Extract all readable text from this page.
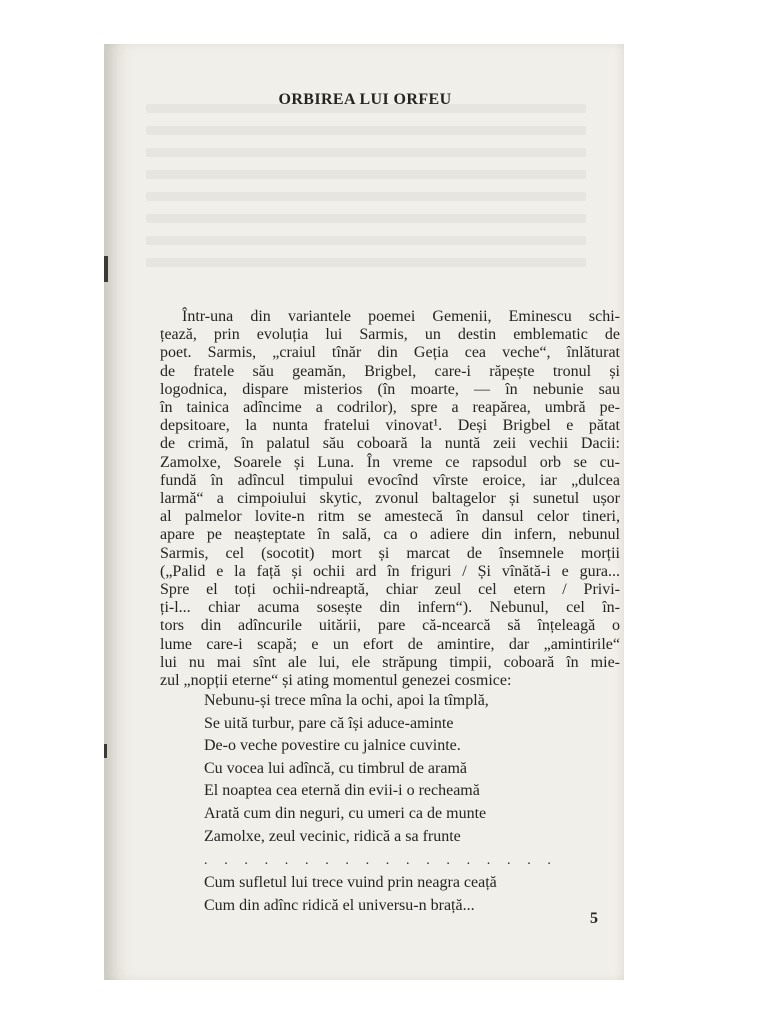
ORBIREA LUI ORFEU

Într-una din variantele poemei Gemenii, Eminescu schi-
țează, prin evoluția lui Sarmis, un destin emblematic de
poet. Sarmis, „craiul tînăr din Geția cea veche“, înlăturat
de fratele său geamăn, Brigbel, care-i răpește tronul și
logodnica, dispare misterios (în moarte, — în nebunie sau
în tainica adîncime a codrilor), spre a reapărea, umbră pe-
depsitoare, la nunta fratelui vinovat¹. Deși Brigbel e pătat
de crimă, în palatul său coboară la nuntă zeii vechii Dacii:
Zamolxe, Soarele și Luna. În vreme ce rapsodul orb se cu-
fundă în adîncul timpului evocînd vîrste eroice, iar „dulcea
larmă“ a cimpoiului skytic, zvonul baltagelor și sunetul ușor
al palmelor lovite-n ritm se amestecă în dansul celor tineri,
apare pe neașteptate în sală, ca o adiere din infern, nebunul
Sarmis, cel (socotit) mort și marcat de însemnele morții
(„Palid e la față și ochii ard în friguri / Și vînătă-i e gura...
Spre el toți ochii-ndreaptă, chiar zeul cel etern / Privi-
ți-l... chiar acuma sosește din infern“). Nebunul, cel în-
tors din adîncurile uitării, pare că-ncearcă să înțeleagă o
lume care-i scapă; e un efort de amintire, dar „amintirile“
lui nu mai sînt ale lui, ele străpung timpii, coboară în mie-
zul „nopții eterne“ și ating momentul genezei cosmice:

Nebunu-și trece mîna la ochi, apoi la tîmplă,
Se uită turbur, pare că își aduce-aminte
De-o veche povestire cu jalnice cuvinte.
Cu vocea lui adîncă, cu timbrul de aramă
El noaptea cea eternă din evii-i o recheamă
Arată cum din neguri, cu umeri ca de munte
Zamolxe, zeul vecinic, ridică a sa frunte
. . . . . . . . . . . . . . . . . .
Cum sufletul lui trece vuind prin neagra ceață
Cum din adînc ridică el universu-n brață...
5
